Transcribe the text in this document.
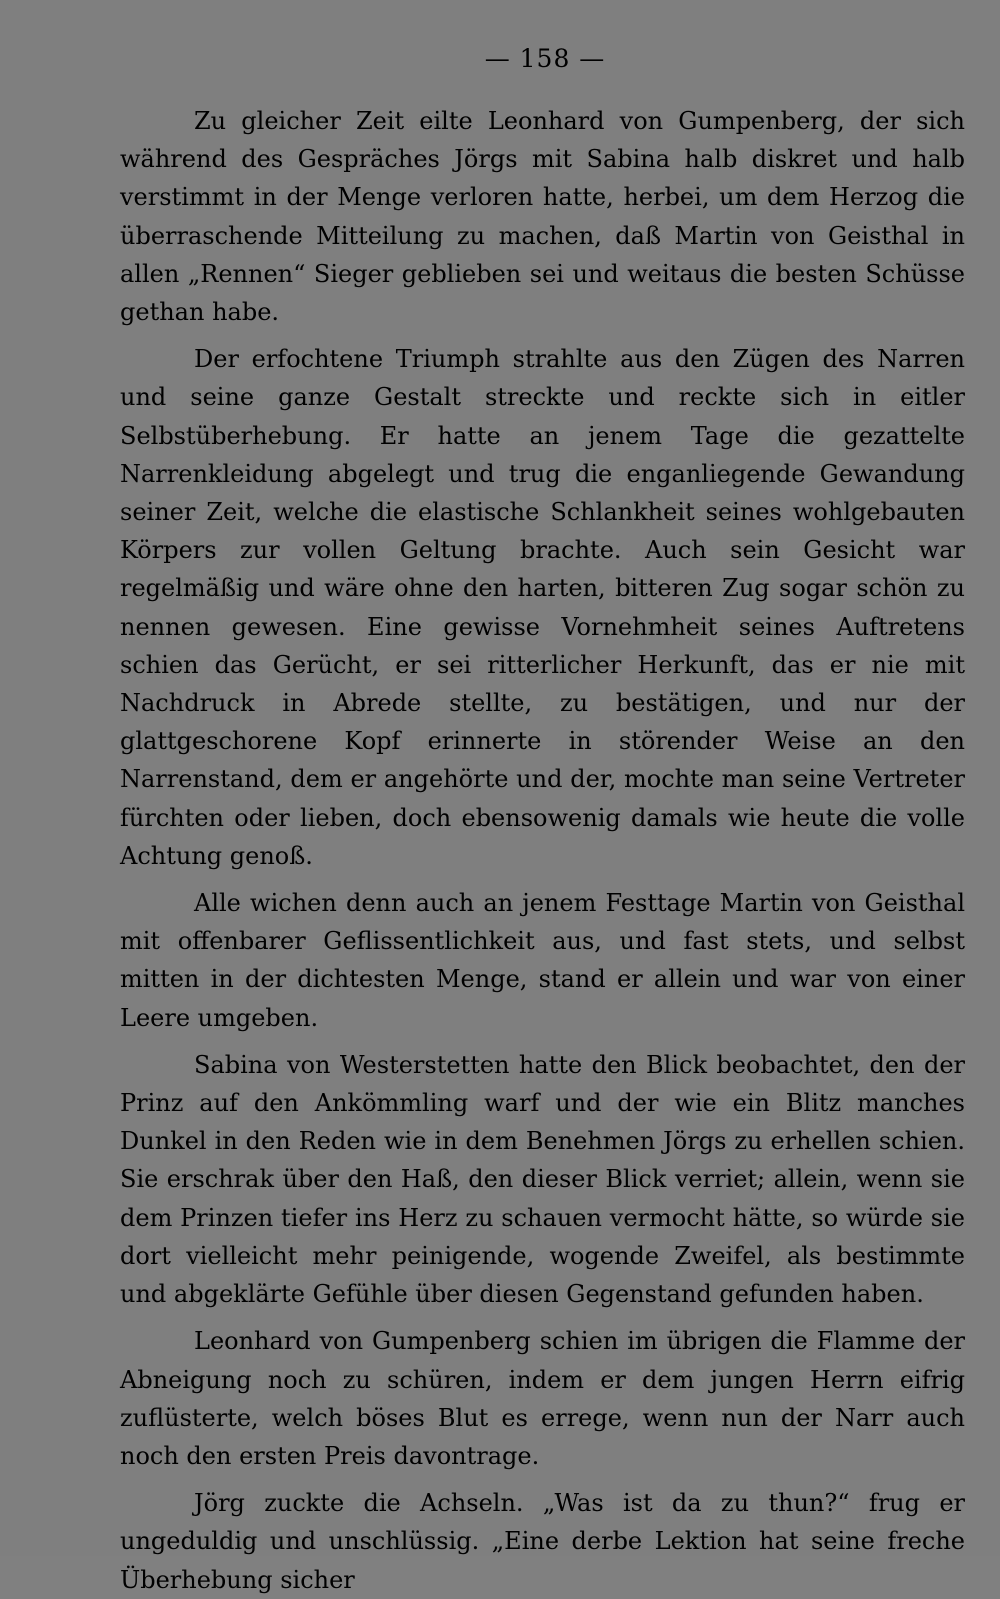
— 158 —

Zu gleicher Zeit eilte Leonhard von Gumpenberg, der sich während des Gespräches Jörgs mit Sabina halb diskret und halb verstimmt in der Menge verloren hatte, herbei, um dem Herzog die überraschende Mitteilung zu machen, daß Martin von Geisthal in allen „Rennen“ Sieger geblieben sei und weitaus die besten Schüsse gethan habe.

Der erfochtene Triumph strahlte aus den Zügen des Narren und seine ganze Gestalt streckte und reckte sich in eitler Selbstüberhebung. Er hatte an jenem Tage die gezattelte Narrenkleidung abgelegt und trug die enganliegende Gewandung seiner Zeit, welche die elastische Schlankheit seines wohlgebauten Körpers zur vollen Geltung brachte. Auch sein Gesicht war regelmäßig und wäre ohne den harten, bitteren Zug sogar schön zu nennen gewesen. Eine gewisse Vornehmheit seines Auftretens schien das Gerücht, er sei ritterlicher Herkunft, das er nie mit Nachdruck in Abrede stellte, zu bestätigen, und nur der glattgeschorene Kopf erinnerte in störender Weise an den Narrenstand, dem er angehörte und der, mochte man seine Vertreter fürchten oder lieben, doch ebensowenig damals wie heute die volle Achtung genoß.

Alle wichen denn auch an jenem Festtage Martin von Geisthal mit offenbarer Geflissentlichkeit aus, und fast stets, und selbst mitten in der dichtesten Menge, stand er allein und war von einer Leere umgeben.

Sabina von Westerstetten hatte den Blick beobachtet, den der Prinz auf den Ankömmling warf und der wie ein Blitz manches Dunkel in den Reden wie in dem Benehmen Jörgs zu erhellen schien. Sie erschrak über den Haß, den dieser Blick verriet; allein, wenn sie dem Prinzen tiefer ins Herz zu schauen vermocht hätte, so würde sie dort vielleicht mehr peinigende, wogende Zweifel, als bestimmte und abgeklärte Gefühle über diesen Gegenstand gefunden haben.

Leonhard von Gumpenberg schien im übrigen die Flamme der Abneigung noch zu schüren, indem er dem jungen Herrn eifrig zuflüsterte, welch böses Blut es errege, wenn nun der Narr auch noch den ersten Preis davontrage.

Jörg zuckte die Achseln. „Was ist da zu thun?“ frug er ungeduldig und unschlüssig. „Eine derbe Lektion hat seine freche Überhebung sicher
